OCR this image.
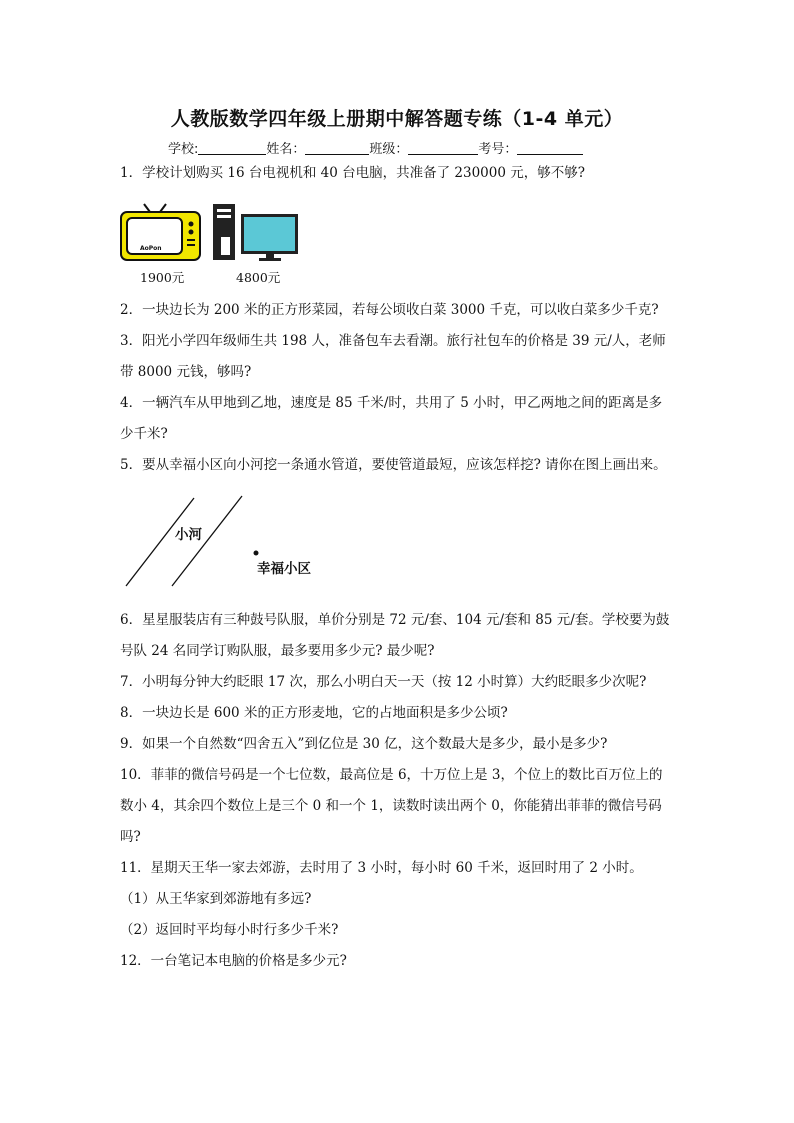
人教版数学四年级上册期中解答题专练（1-4 单元）
学校:	姓名：	班级：	考号：

1．学校计划购买 16 台电视机和 40 台电脑，共准备了 230000 元，够不够?

AoPon
1900元	4800元

2．一块边长为 200 米的正方形菜园，若每公顷收白菜 3000 千克，可以收白菜多少千克?

3．阳光小学四年级师生共 198 人，准备包车去看潮。旅行社包车的价格是 39 元/人，老师

带 8000 元钱，够吗?

4．一辆汽车从甲地到乙地，速度是 85 千米/时，共用了 5 小时，甲乙两地之间的距离是多

少千米?

5．要从幸福小区向小河挖一条通水管道，要使管道最短，应该怎样挖? 请你在图上画出来。

小河
幸福小区

6．星星服装店有三种鼓号队服，单价分别是 72 元/套、104 元/套和 85 元/套。学校要为鼓

号队 24 名同学订购队服，最多要用多少元? 最少呢?

7．小明每分钟大约眨眼 17 次，那么小明白天一天（按 12 小时算）大约眨眼多少次呢?

8．一块边长是 600 米的正方形麦地，它的占地面积是多少公顷?

9．如果一个自然数“四舍五入”到亿位是 30 亿，这个数最大是多少，最小是多少?

10．菲菲的微信号码是一个七位数，最高位是 6，十万位上是 3，个位上的数比百万位上的

数小 4，其余四个数位上是三个 0 和一个 1，读数时读出两个 0，你能猜出菲菲的微信号码

吗?

11．星期天王华一家去郊游，去时用了 3 小时，每小时 60 千米，返回时用了 2 小时。

（1）从王华家到郊游地有多远?

（2）返回时平均每小时行多少千米?

12．一台笔记本电脑的价格是多少元?
